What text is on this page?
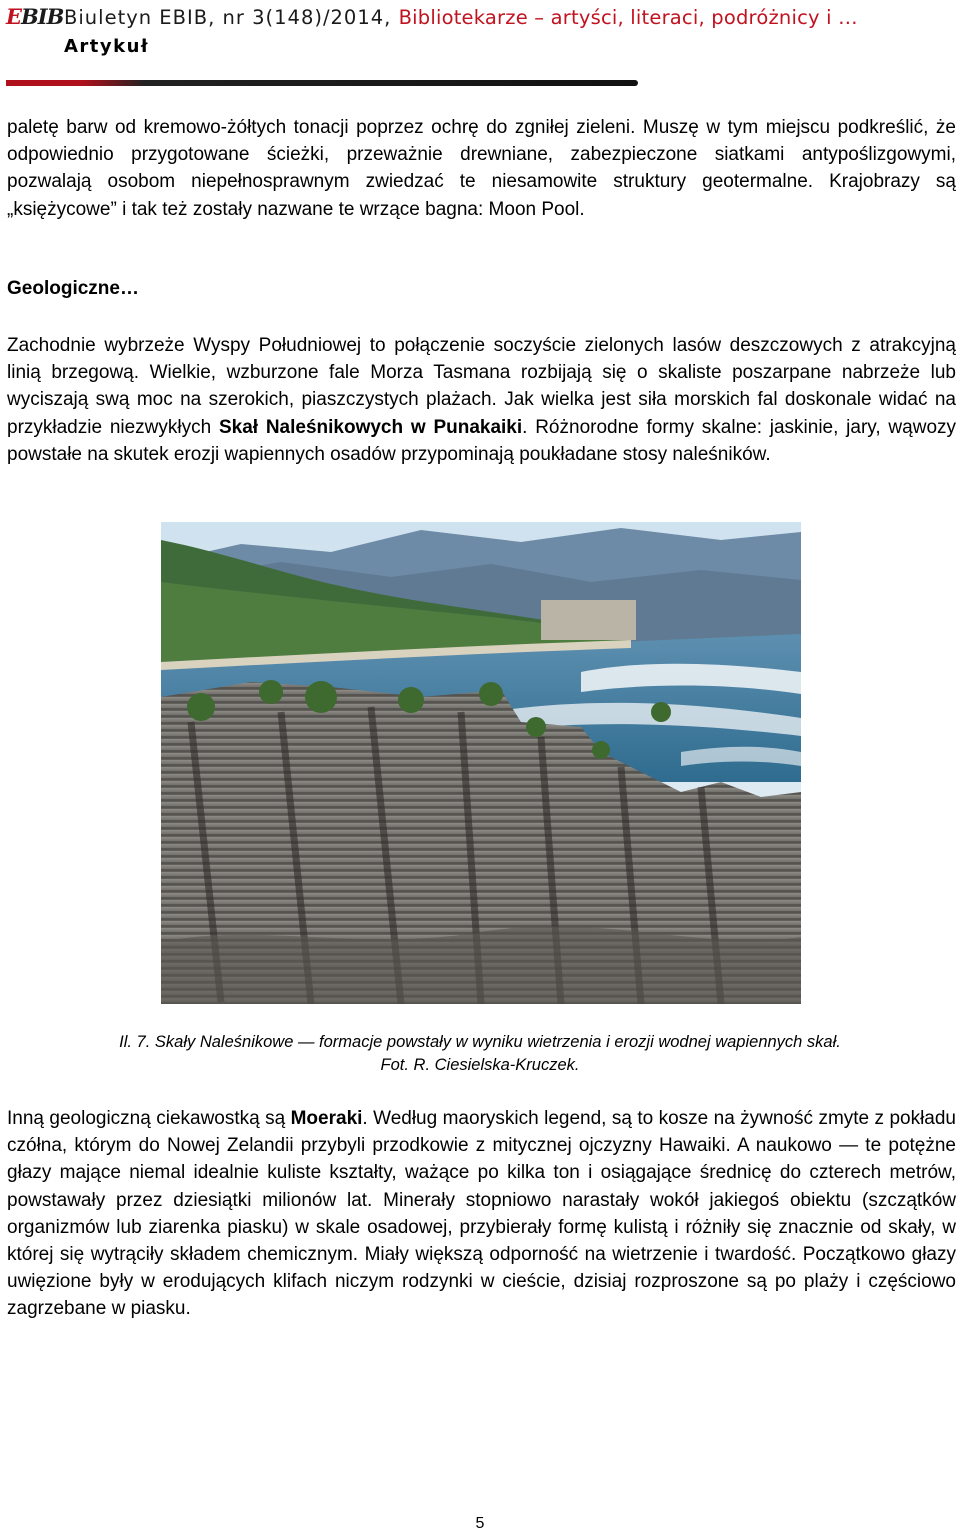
EBIB Biuletyn EBIB, nr 3(148)/2014, Bibliotekarze – artyści, literaci, podróżnicy i …
Artykuł

paletę barw od kremowo-żółtych tonacji poprzez ochrę do zgniłej zieleni. Muszę w tym miejscu podkreślić, że odpowiednio przygotowane ścieżki, przeważnie drewniane, zabezpieczone siatkami antypoślizgowymi, pozwalają osobom niepełnosprawnym zwiedzać te niesamowite struktury geotermalne. Krajobrazy są „księżycowe” i tak też zostały nazwane te wrzące bagna: Moon Pool.

Geologiczne…

Zachodnie wybrzeże Wyspy Południowej to połączenie soczyście zielonych lasów deszczowych z atrakcyjną linią brzegową. Wielkie, wzburzone fale Morza Tasmana rozbijają się o skaliste poszarpane nabrzeże lub wyciszają swą moc na szerokich, piaszczystych plażach. Jak wielka jest siła morskich fal doskonale widać na przykładzie niezwykłych Skał Naleśnikowych w Punakaiki. Różnorodne formy skalne: jaskinie, jary, wąwozy powstałe na skutek erozji wapiennych osadów przypominają poukładane stosy naleśników.

Il. 7. Skały Naleśnikowe — formacje powstały w wyniku wietrzenia i erozji wodnej wapiennych skał.
Fot. R. Ciesielska-Kruczek.

Inną geologiczną ciekawostką są Moeraki. Według maoryskich legend, są to kosze na żywność zmyte z pokładu czółna, którym do Nowej Zelandii przybyli przodkowie z mitycznej ojczyzny Hawaiki. A naukowo — te potężne głazy mające niemal idealnie kuliste kształty, ważące po kilka ton i osiągające średnicę do czterech metrów, powstawały przez dziesiątki milionów lat. Minerały stopniowo narastały wokół jakiegoś obiektu (szczątków organizmów lub ziarenka piasku) w skale osadowej, przybierały formę kulistą i różniły się znacznie od skały, w której się wytrąciły składem chemicznym. Miały większą odporność na wietrzenie i twardość. Początkowo głazy uwięzione były w erodujących klifach niczym rodzynki w cieście, dzisiaj rozproszone są po plaży i częściowo zagrzebane w piasku.

5
